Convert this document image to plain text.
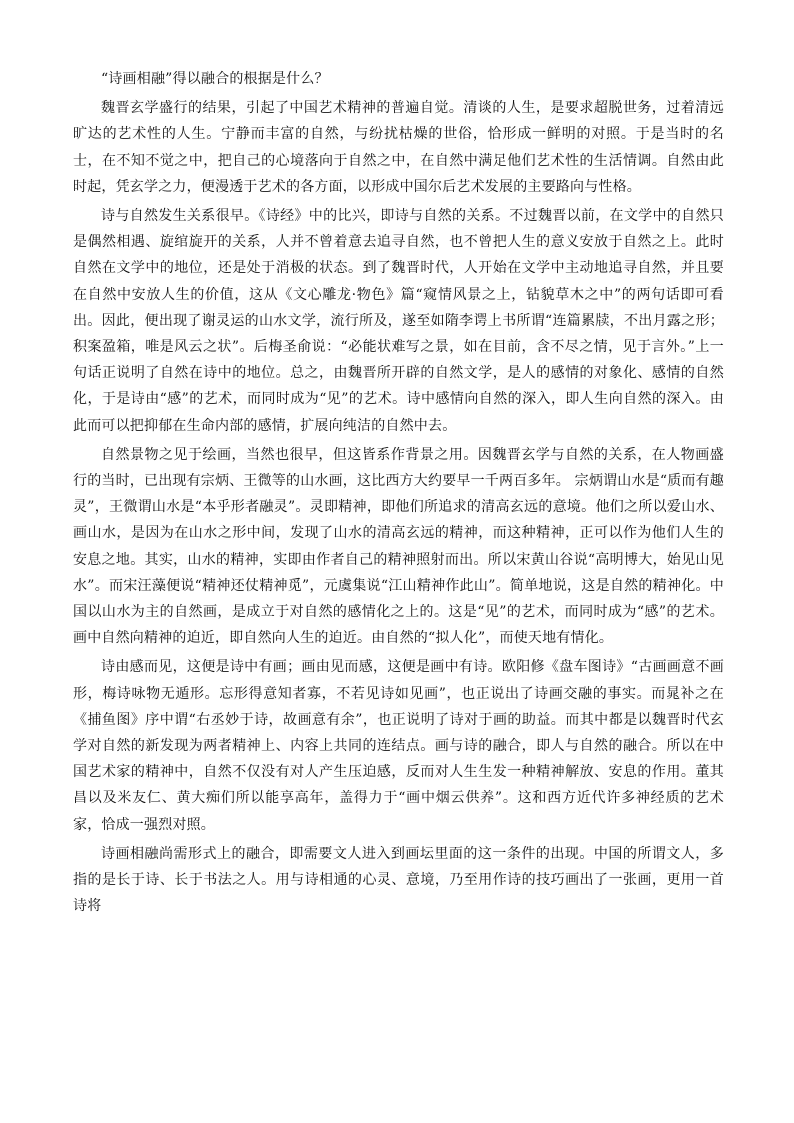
“诗画相融”得以融合的根据是什么？

魏晋玄学盛行的结果，引起了中国艺术精神的普遍自觉。清谈的人生，是要求超脱世务，过着清远旷达的艺术性的人生。宁静而丰富的自然，与纷扰枯燥的世俗，恰形成一鲜明的对照。于是当时的名士，在不知不觉之中，把自己的心境落向于自然之中，在自然中满足他们艺术性的生活情调。自然由此时起，凭玄学之力，便漫透于艺术的各方面，以形成中国尔后艺术发展的主要路向与性格。

诗与自然发生关系很早。《诗经》中的比兴，即诗与自然的关系。不过魏晋以前，在文学中的自然只是偶然相遇、旋绾旋开的关系，人并不曾着意去追寻自然，也不曾把人生的意义安放于自然之上。此时自然在文学中的地位，还是处于消极的状态。到了魏晋时代，人开始在文学中主动地追寻自然，并且要在自然中安放人生的价值，这从《文心雕龙·物色》篇“窥情风景之上，钻貌草木之中”的两句话即可看出。因此，便出现了谢灵运的山水文学，流行所及，遂至如隋李谔上书所谓“连篇累牍，不出月露之形；积案盈箱，唯是风云之状”。后梅圣俞说：“必能状难写之景，如在目前，含不尽之情，见于言外。”上一句话正说明了自然在诗中的地位。总之，由魏晋所开辟的自然文学，是人的感情的对象化、感情的自然化，于是诗由“感”的艺术，而同时成为“见”的艺术。诗中感情向自然的深入，即人生向自然的深入。由此而可以把抑郁在生命内部的感情，扩展向纯洁的自然中去。

自然景物之见于绘画，当然也很早，但这皆系作背景之用。因魏晋玄学与自然的关系，在人物画盛行的当时，已出现有宗炳、王微等的山水画，这比西方大约要早一千两百多年。 宗炳谓山水是“质而有趣灵”，王微谓山水是“本乎形者融灵”。灵即精神，即他们所追求的清高玄远的意境。他们之所以爱山水、画山水，是因为在山水之形中间，发现了山水的清高玄远的精神，而这种精神，正可以作为他们人生的安息之地。其实，山水的精神，实即由作者自己的精神照射而出。所以宋黄山谷说“高明博大，始见山见水”。而宋汪藻便说“精神还仗精神觅”，元虞集说“江山精神作此山”。简单地说，这是自然的精神化。中国以山水为主的自然画，是成立于对自然的感情化之上的。这是“见”的艺术，而同时成为“感”的艺术。画中自然向精神的迫近，即自然向人生的迫近。由自然的“拟人化”，而使天地有情化。

诗由感而见，这便是诗中有画；画由见而感，这便是画中有诗。欧阳修《盘车图诗》“古画画意不画形，梅诗咏物无遁形。忘形得意知者寡，不若见诗如见画”，也正说出了诗画交融的事实。而晁补之在《捕鱼图》序中谓“右丞妙于诗，故画意有余”，也正说明了诗对于画的助益。而其中都是以魏晋时代玄学对自然的新发现为两者精神上、内容上共同的连结点。画与诗的融合，即人与自然的融合。所以在中国艺术家的精神中，自然不仅没有对人产生压迫感，反而对人生生发一种精神解放、安息的作用。董其昌以及米友仁、黄大痴们所以能享高年，盖得力于“画中烟云供养”。这和西方近代许多神经质的艺术家，恰成一强烈对照。

诗画相融尚需形式上的融合，即需要文人进入到画坛里面的这一条件的出现。中国的所谓文人，多指的是长于诗、长于书法之人。用与诗相通的心灵、意境，乃至用作诗的技巧画出了一张画，更用一首诗将
